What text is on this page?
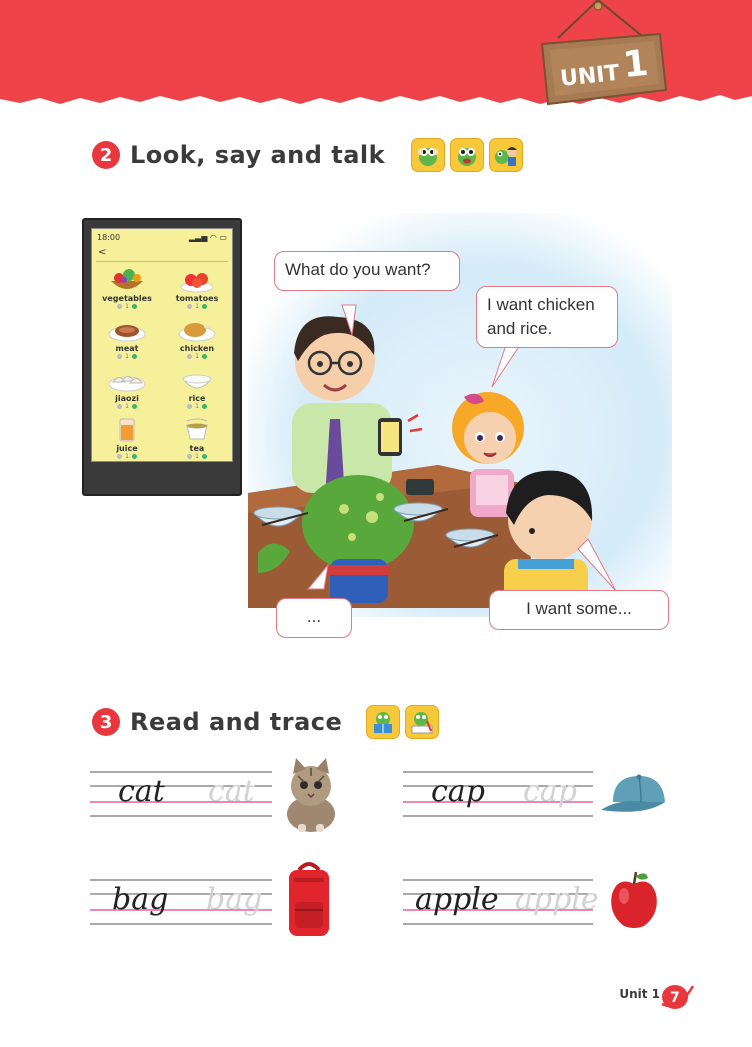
UNIT 1
2 Look, say and talk
18:00	▂▃▅ ◠ ▭
<
vegetables
1
tomatoes
1
meat
1
chicken
1
jiaozi
1
rice
1
juice
1
tea
1
What do you want?
I want chicken
and rice.
...	I want some...
3 Read and trace
cat cat	cap cap
bag bag	apple apple
Unit 1 7
